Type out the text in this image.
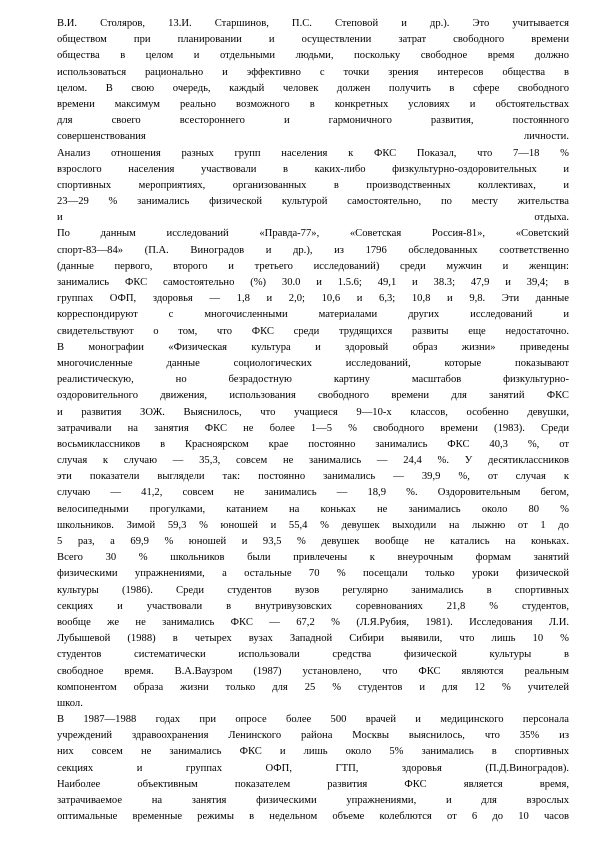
В.И. Столяров, 13.И. Старшинов, П.С. Степовой и др.). Это учитывается
обществом при планировании и осуществлении затрат свободного времени
общества в целом и отдельными людьми, поскольку свободное время должно
использоваться рационально и эффективно с точки зрения интересов общества в
целом. В свою очередь, каждый человек должен получить в сфере свободного
времени максимум реально возможного в конкретных условиях и обстоятельствах
для своего всестороннего и гармоничного развития, постоянного
совершенствования личности.
Анализ отношения разных групп населения к ФКС Показал, что 7—18 %
взрослого населения участвовали в каких-либо физкультурно-оздоровительных и
спортивных мероприятиях, организованных в производственных коллективах, и
23—29 % занимались физической культурой самостоятельно, по месту жительства
и отдыха.
По данным исследований «Правда-77», «Советская Россия-81», «Советский
спорт-83—84» (П.А. Виноградов и др.), из 1796 обследованных соответственно
(данные первого, второго и третьего исследований) среди мужчин и женщин:
занимались ФКС самостоятельно (%) 30.0 и 1.5.6; 49,1 и 38.3; 47,9 и 39,4; в
группах ОФП, здоровья — 1,8 и 2,0; 10,6 и 6,3; 10,8 и 9,8. Эти данные
корреспондируют с многочисленными материалами других исследований и
свидетельствуют о том, что ФКС среди трудящихся развиты еще недостаточно.
В монографии «Физическая культура и здоровый образ жизни» приведены
многочисленные данные социологических исследований, которые показывают
реалистическую, но безрадостную картину масштабов физкультурно-
оздоровительного движения, использования свободного времени для занятий ФКС
и развития ЗОЖ. Выяснилось, что учащиеся 9—10-х классов, особенно девушки,
затрачивали на занятия ФКС не более 1—5 % свободного времени (1983). Среди
восьмиклассников в Красноярском крае постоянно занимались ФКС 40,3 %, от
случая к случаю — 35,3, совсем не занимались — 24,4 %. У десятиклассников
эти показатели выглядели так: постоянно занимались — 39,9 %, от случая к
случаю — 41,2, совсем не занимались — 18,9 %. Оздоровительным бегом,
велосипедными прогулками, катанием на коньках не занимались около 80 %
школьников. Зимой 59,3 % юношей и 55,4 % девушек выходили на лыжню от 1 до
5 раз, а 69,9 % юношей и 93,5 % девушек вообще не катались на коньках.
Всего 30 % школьников были привлечены к внеурочным формам занятий
физическими упражнениями, а остальные 70 % посещали только уроки физической
культуры (1986). Среди студентов вузов регулярно занимались в спортивных
секциях и участвовали в внутривузовских соревнованиях 21,8 % студентов,
вообще же не занимались ФКС — 67,2 % (Л.Я.Рубия, 1981). Исследования Л.И.
Лубышевой (1988) в четырех вузах Западной Сибири выявили, что лишь 10 %
студентов систематически использовали средства физической культуры в
свободное время. В.А.Ваузром (1987) установлено, что ФКС являются реальным
компонентом образа жизни только для 25 % студентов и для 12 % учителей
школ.
В 1987—1988 годах при опросе более 500 врачей и медицинского персонала
учреждений здравоохранения Ленинского района Москвы выяснилось, что 35% из
них совсем не занимались ФКС и лишь около 5% занимались в спортивных
секциях и группах ОФП, ГТП, здоровья (П.Д.Виноградов).
Наиболее объективным показателем развития ФКС является время,
затрачиваемое на занятия физическими упражнениями, и для взрослых
оптимальные временные режимы в недельном объеме колеблются от 6 до 10 часов
